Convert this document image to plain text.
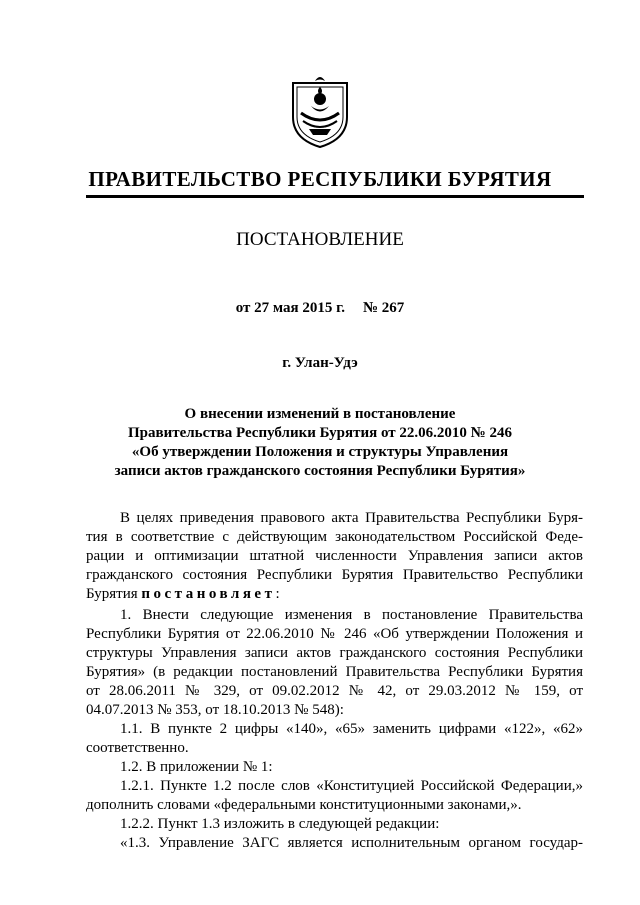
ПРАВИТЕЛЬСТВО РЕСПУБЛИКИ БУРЯТИЯ
ПОСТАНОВЛЕНИЕ
от 27 мая 2015 г. № 267
г. Улан-Удэ
О внесении изменений в постановление
Правительства Республики Бурятия от 22.06.2010 № 246
«Об утверждении Положения и структуры Управления
записи актов гражданского состояния Республики Бурятия»
В целях приведения правового акта Правительства Республики Буря-
тия в соответствие с действующим законодательством Российской Феде-
рации и оптимизации штатной численности Управления записи актов
гражданского состояния Республики Бурятия Правительство Республики
Бурятия постановляет:
1. Внести следующие изменения в постановление Правительства
Республики Бурятия от 22.06.2010 № 246 «Об утверждении Положения и
структуры Управления записи актов гражданского состояния Республики
Бурятия» (в редакции постановлений Правительства Республики Бурятия
от 28.06.2011 № 329, от 09.02.2012 № 42, от 29.03.2012 № 159, от
04.07.2013 № 353, от 18.10.2013 № 548):
1.1. В пункте 2 цифры «140», «65» заменить цифрами «122», «62»
соответственно.
1.2. В приложении № 1:
1.2.1. Пункте 1.2 после слов «Конституцией Российской Федерации,»
дополнить словами «федеральными конституционными законами,».
1.2.2. Пункт 1.3 изложить в следующей редакции:
«1.3. Управление ЗАГС является исполнительным органом государ-
